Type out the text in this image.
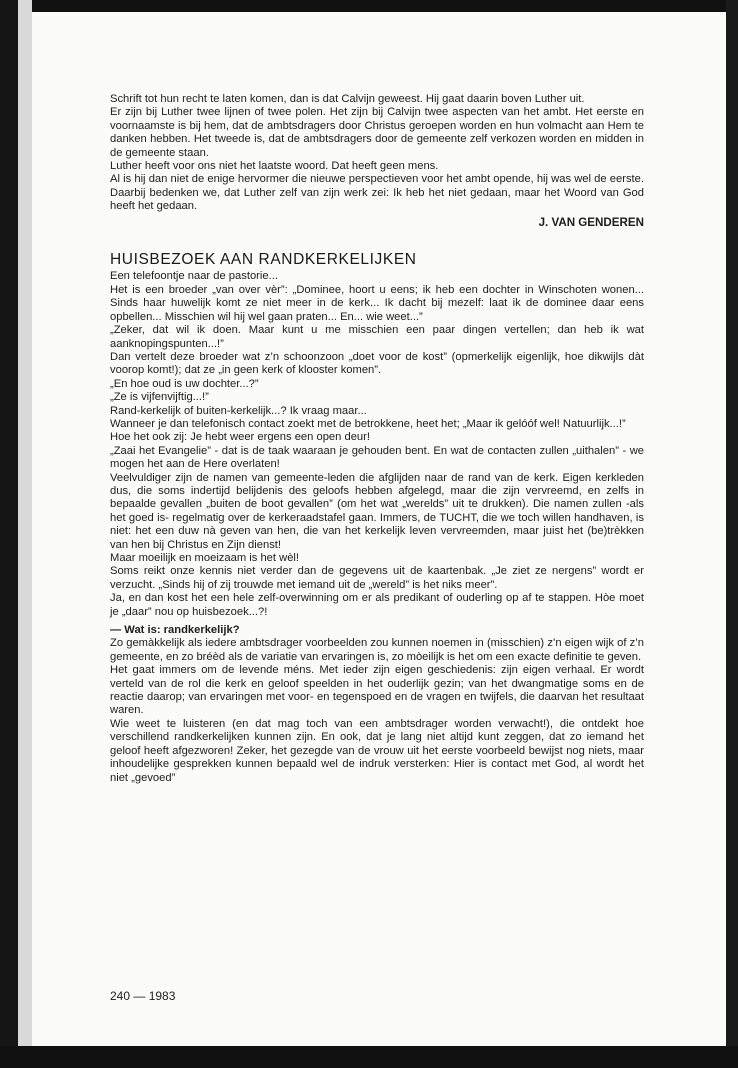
Schrift tot hun recht te laten komen, dan is dat Calvijn geweest. Hij gaat daarin boven Luther uit.

Er zijn bij Luther twee lijnen of twee polen. Het zijn bij Calvijn twee aspecten van het ambt. Het eerste en voornaamste is bij hem, dat de ambtsdragers door Christus geroepen worden en hun volmacht aan Hem te danken hebben. Het tweede is, dat de ambtsdragers door de gemeente zelf verkozen worden en midden in de gemeente staan.

Luther heeft voor ons niet het laatste woord. Dat heeft geen mens.

Al is hij dan niet de enige hervormer die nieuwe perspectieven voor het ambt opende, hij was wel de eerste. Daarbij bedenken we, dat Luther zelf van zijn werk zei: Ik heb het niet gedaan, maar het Woord van God heeft het gedaan.

J. VAN GENDEREN

HUISBEZOEK AAN RANDKERKELIJKEN

Een telefoontje naar de pastorie...

Het is een broeder „van over vèr”: „Dominee, hoort u eens; ik heb een dochter in Winschoten wonen... Sinds haar huwelijk komt ze niet meer in de kerk... Ik dacht bij mezelf: laat ik de dominee daar eens opbellen... Misschien wil hij wel gaan praten... En... wie weet...”

„Zeker, dat wil ik doen. Maar kunt u me misschien een paar dingen vertellen; dan heb ik wat aanknopingspunten...!”

Dan vertelt deze broeder wat z’n schoonzoon „doet voor de kost” (opmerkelijk eigenlijk, hoe dikwijls dàt voorop komt!); dat ze „in geen kerk of klooster komen”.

„En hoe oud is uw dochter...?”

„Ze is vijfenvijftig...!”

Rand-kerkelijk of buiten-kerkelijk...? Ik vraag maar...

Wanneer je dan telefonisch contact zoekt met de betrokkene, heet het; „Maar ik gelóóf wel! Natuurlijk...!”

Hoe het ook zij: Je hebt weer ergens een open deur!

„Zaai het Evangelie” - dat is de taak waaraan je gehouden bent. En wat de contacten zullen „uithalen” - we mogen het aan de Here overlaten!

Veelvuldiger zijn de namen van gemeente-leden die afglijden naar de rand van de kerk. Eigen kerkleden dus, die soms indertijd belijdenis des geloofs hebben afgelegd, maar die zijn vervreemd, en zelfs in bepaalde gevallen „buiten de boot gevallen” (om het wat „werelds” uit te drukken). Die namen zullen -als het goed is- regelmatig over de kerkeraadstafel gaan. Immers, de TUCHT, die we toch willen handhaven, is niet: het een duw nà geven van hen, die van het kerkelijk leven vervreemden, maar juist het (be)trèkken van hen bij Christus en Zijn dienst!

Maar moeilijk en moeizaam is het wèl!

Soms reikt onze kennis niet verder dan de gegevens uit de kaartenbak. „Je ziet ze nergens” wordt er verzucht. „Sinds hij of zij trouwde met iemand uit de „wereld” is het niks meer”.

Ja, en dan kost het een hele zelf-overwinning om er als predikant of ouderling op af te stappen. Hòe moet je „daar” nou op huisbezoek...?!

— Wat is: randkerkelijk?

Zo gemàkkelijk als iedere ambtsdrager voorbeelden zou kunnen noemen in (misschien) z’n eigen wijk of z’n gemeente, en zo bréèd als de variatie van ervaringen is, zo mòeilijk is het om een exacte definitie te geven.

Het gaat immers om de levende méns. Met ieder zijn eigen geschiedenis: zijn eigen verhaal. Er wordt verteld van de rol die kerk en geloof speelden in het ouderlijk gezin; van het dwangmatige soms en de reactie daarop; van ervaringen met voor- en tegenspoed en de vragen en twijfels, die daarvan het resultaat waren.

Wie weet te luisteren (en dat mag toch van een ambtsdrager worden verwacht!), die ontdekt hoe verschillend randkerkelijken kunnen zijn. En ook, dat je lang niet altijd kunt zeggen, dat zo iemand het geloof heeft afgezworen! Zeker, het gezegde van de vrouw uit het eerste voorbeeld bewijst nog niets, maar inhoudelijke gesprekken kunnen bepaald wel de indruk versterken: Hier is contact met God, al wordt het niet „gevoed”

240 — 1983
